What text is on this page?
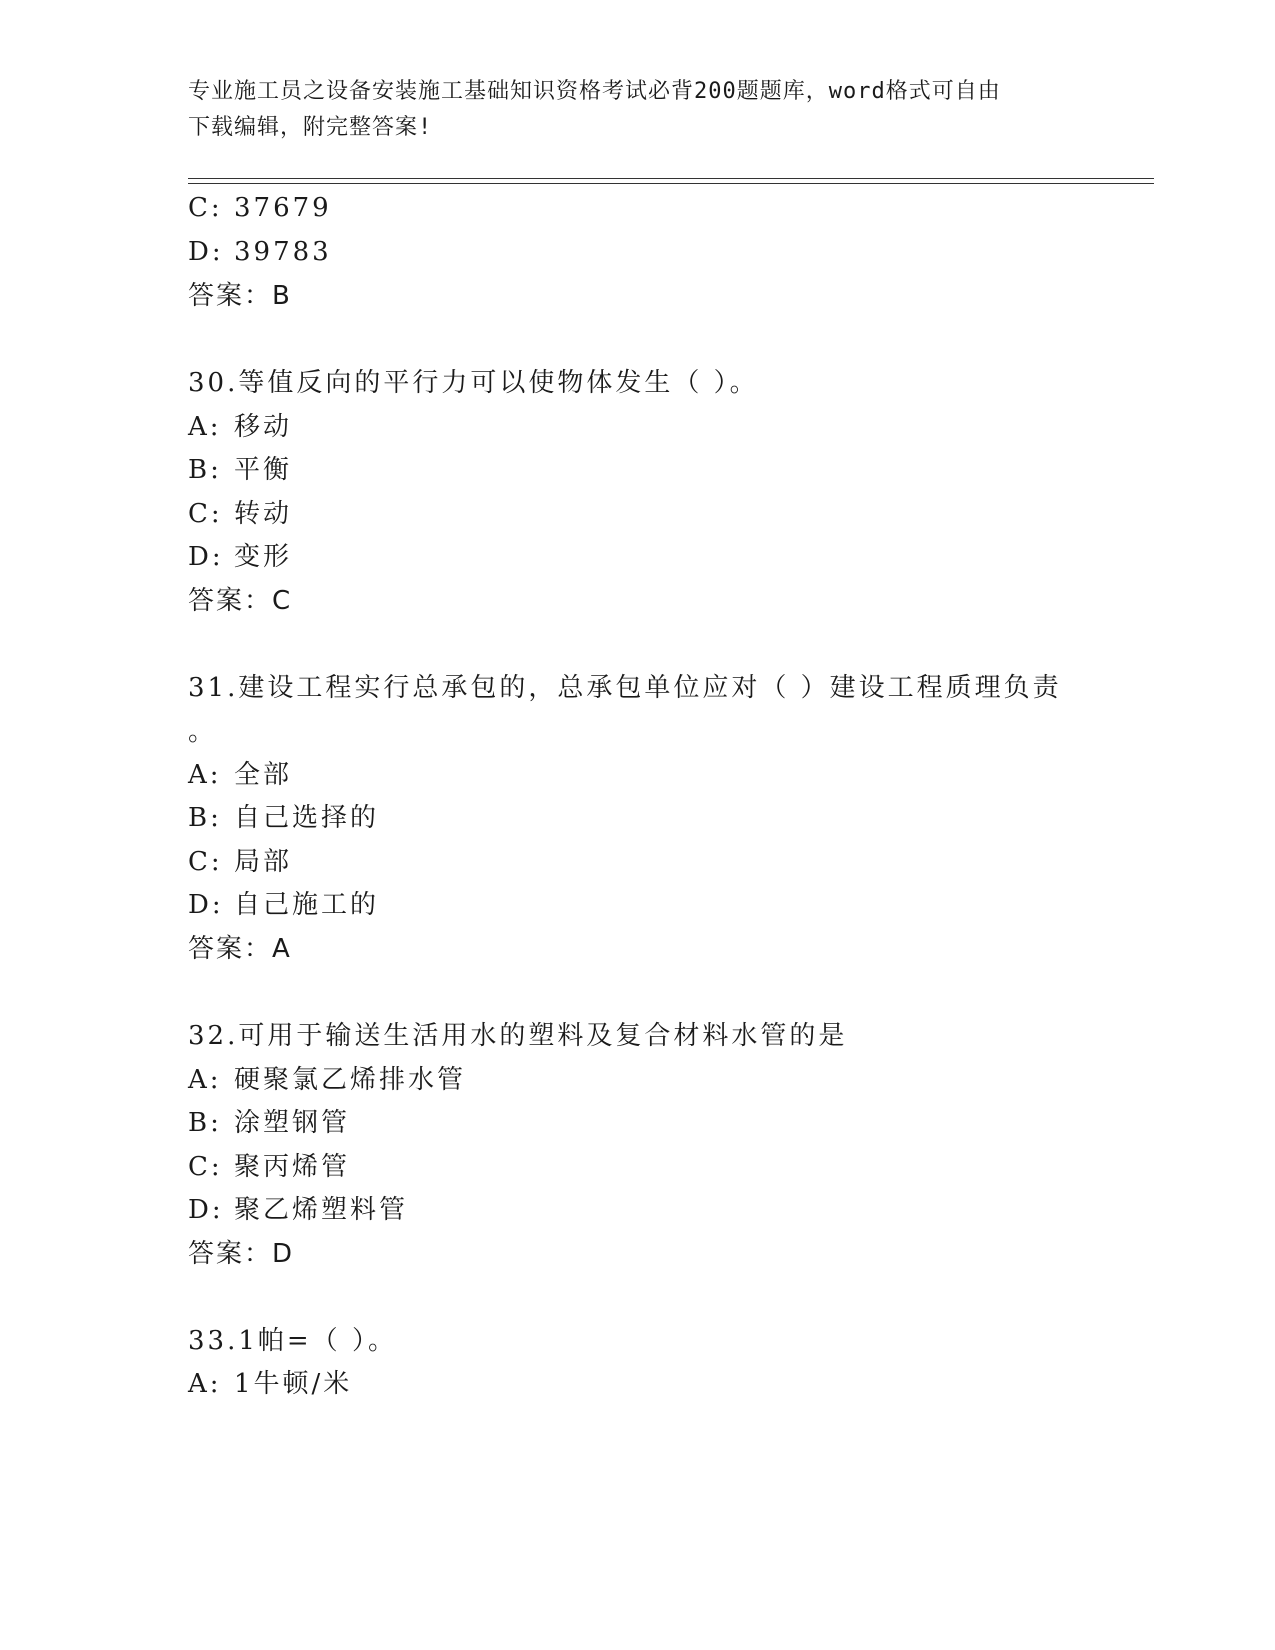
专业施工员之设备安装施工基础知识资格考试必背200题题库，word格式可自由
下载编辑，附完整答案!
C: 37679
D: 39783
答案：B
30.等值反向的平行力可以使物体发生（ ）。
A: 移动
B: 平衡
C: 转动
D: 变形
答案：C
31.建设工程实行总承包的，总承包单位应对（ ）建设工程质理负责
。
A: 全部
B: 自己选择的
C: 局部
D: 自己施工的
答案：A
32.可用于输送生活用水的塑料及复合材料水管的是
A: 硬聚氯乙烯排水管
B: 涂塑钢管
C: 聚丙烯管
D: 聚乙烯塑料管
答案：D
33.1帕=（ ）。
A: 1牛顿/米
